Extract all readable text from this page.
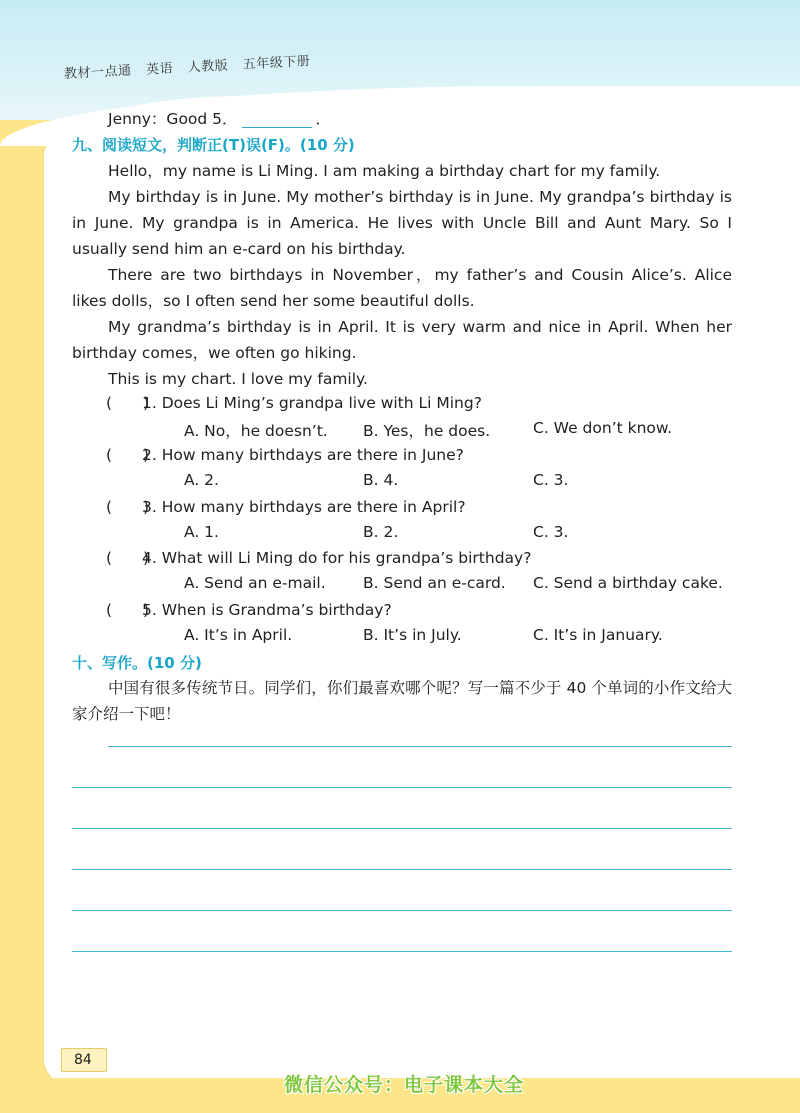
教材一点通 英语 人教版 五年级下册
Jenny：Good 5．	．
九、阅读短文，判断正(T)误(F)。(10 分)
Hello，my name is Li Ming. I am making a birthday chart for my family.
My birthday is in June. My mother’s birthday is in June. My grandpa’s birthday is in June. My grandpa is in America. He lives with Uncle Bill and Aunt Mary. So I usually send him an e-card on his birthday.
There are two birthdays in November，my father’s and Cousin Alice’s. Alice likes dolls，so I often send her some beautiful dolls.
My grandma’s birthday is in April. It is very warm and nice in April. When her birthday comes，we often go hiking.
This is my chart. I love my family.
(　　)1. Does Li Ming’s grandpa live with Li Ming?
A. No，he doesn’t. B. Yes，he does.	C. We don’t know.
(　　)2. How many birthdays are there in June?
A. 2.	B. 4.	C. 3.
(　　)3. How many birthdays are there in April?
A. 1.	B. 2.	C. 3.
(　　)4. What will Li Ming do for his grandpa’s birthday?
A. Send an e-mail. B. Send an e-card. C. Send a birthday cake.
(　　)5. When is Grandma’s birthday?
A. It’s in April.	B. It’s in July.	C. It’s in January.
十、写作。(10 分)
中国有很多传统节日。同学们，你们最喜欢哪个呢？写一篇不少于 40 个单词的小作文给大家介绍一下吧！
84
微信公众号：电子课本大全
